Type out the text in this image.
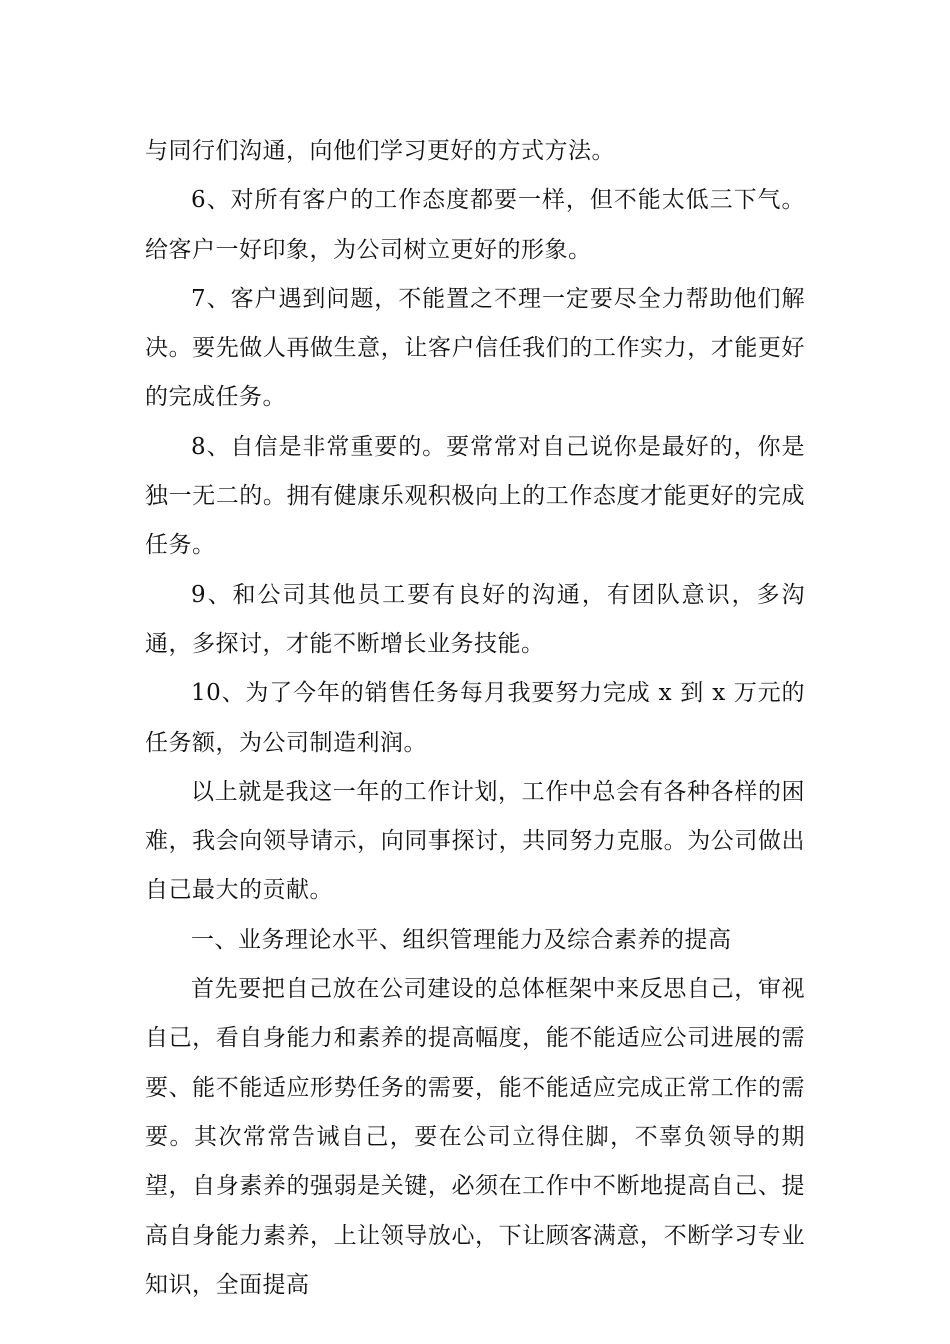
与同行们沟通，向他们学习更好的方式方法。

6、对所有客户的工作态度都要一样，但不能太低三下气。给客户一好印象，为公司树立更好的形象。

7、客户遇到问题，不能置之不理一定要尽全力帮助他们解决。要先做人再做生意，让客户信任我们的工作实力，才能更好的完成任务。

8、自信是非常重要的。要常常对自己说你是最好的，你是独一无二的。拥有健康乐观积极向上的工作态度才能更好的完成任务。

9、和公司其他员工要有良好的沟通，有团队意识，多沟通，多探讨，才能不断增长业务技能。

10、为了今年的销售任务每月我要努力完成 x 到 x 万元的任务额，为公司制造利润。

以上就是我这一年的工作计划，工作中总会有各种各样的困难，我会向领导请示，向同事探讨，共同努力克服。为公司做出自己最大的贡献。

一、业务理论水平、组织管理能力及综合素养的提高

首先要把自己放在公司建设的总体框架中来反思自己，审视自己，看自身能力和素养的提高幅度，能不能适应公司进展的需要、能不能适应形势任务的需要，能不能适应完成正常工作的需要。其次常常告诫自己，要在公司立得住脚，不辜负领导的期望，自身素养的强弱是关键，必须在工作中不断地提高自己、提高自身能力素养，上让领导放心，下让顾客满意，不断学习专业知识，全面提高
